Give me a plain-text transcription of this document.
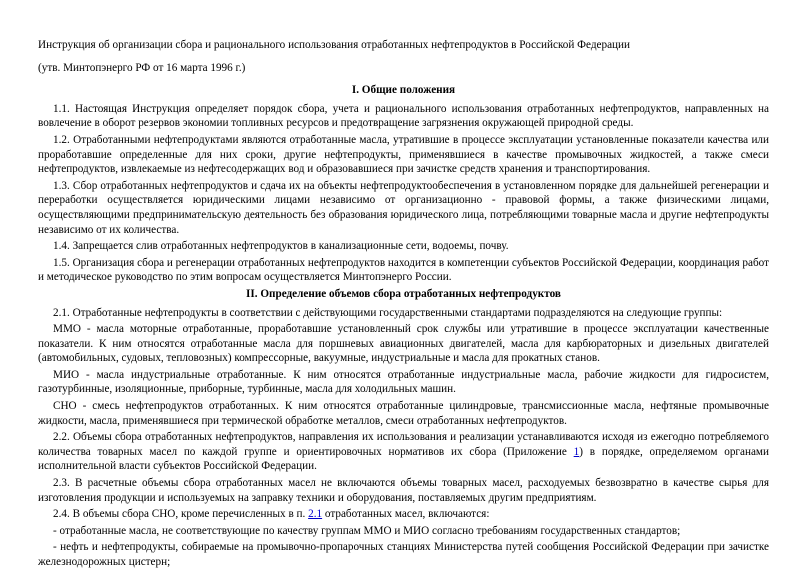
Инструкция об организации сбора и рационального использования отработанных нефтепродуктов в Российской Федерации

(утв. Минтопэнерго РФ от 16 марта 1996 г.)

I. Общие положения

1.1. Настоящая Инструкция определяет порядок сбора, учета и рационального использования отработанных нефтепродуктов, направленных на вовлечение в оборот резервов экономии топливных ресурсов и предотвращение загрязнения окружающей природной среды.

1.2. Отработанными нефтепродуктами являются отработанные масла, утратившие в процессе эксплуатации установленные показатели качества или проработавшие определенные для них сроки, другие нефтепродукты, применявшиеся в качестве промывочных жидкостей, а также смеси нефтепродуктов, извлекаемые из нефтесодержащих вод и образовавшиеся при зачистке средств хранения и транспортирования.

1.3. Сбор отработанных нефтепродуктов и сдача их на объекты нефтепродуктообеспечения в установленном порядке для дальнейшей регенерации и переработки осуществляется юридическими лицами независимо от организационно - правовой формы, а также физическими лицами, осуществляющими предпринимательскую деятельность без образования юридического лица, потребляющими товарные масла и другие нефтепродукты независимо от их количества.

1.4. Запрещается слив отработанных нефтепродуктов в канализационные сети, водоемы, почву.

1.5. Организация сбора и регенерации отработанных нефтепродуктов находится в компетенции субъектов Российской Федерации, координация работ и методическое руководство по этим вопросам осуществляется Минтопэнерго России.

II. Определение объемов сбора отработанных нефтепродуктов

2.1. Отработанные нефтепродукты в соответствии с действующими государственными стандартами подразделяются на следующие группы:

ММО - масла моторные отработанные, проработавшие установленный срок службы или утратившие в процессе эксплуатации качественные показатели. К ним относятся отработанные масла для поршневых авиационных двигателей, масла для карбюраторных и дизельных двигателей (автомобильных, судовых, тепловозных) компрессорные, вакуумные, индустриальные и масла для прокатных станов.

МИО - масла индустриальные отработанные. К ним относятся отработанные индустриальные масла, рабочие жидкости для гидросистем, газотурбинные, изоляционные, приборные, турбинные, масла для холодильных машин.

СНО - смесь нефтепродуктов отработанных. К ним относятся отработанные цилиндровые, трансмиссионные масла, нефтяные промывочные жидкости, масла, применявшиеся при термической обработке металлов, смеси отработанных нефтепродуктов.

2.2. Объемы сбора отработанных нефтепродуктов, направления их использования и реализации устанавливаются исходя из ежегодно потребляемого количества товарных масел по каждой группе и ориентировочных нормативов их сбора (Приложение 1) в порядке, определяемом органами исполнительной власти субъектов Российской Федерации.

2.3. В расчетные объемы сбора отработанных масел не включаются объемы товарных масел, расходуемых безвозвратно в качестве сырья для изготовления продукции и используемых на заправку техники и оборудования, поставляемых другим предприятиям.

2.4. В объемы сбора СНО, кроме перечисленных в п. 2.1 отработанных масел, включаются:

- отработанные масла, не соответствующие по качеству группам ММО и МИО согласно требованиям государственных стандартов;

- нефть и нефтепродукты, собираемые на промывочно-пропарочных станциях Министерства путей сообщения Российской Федерации при зачистке железнодорожных цистерн;
